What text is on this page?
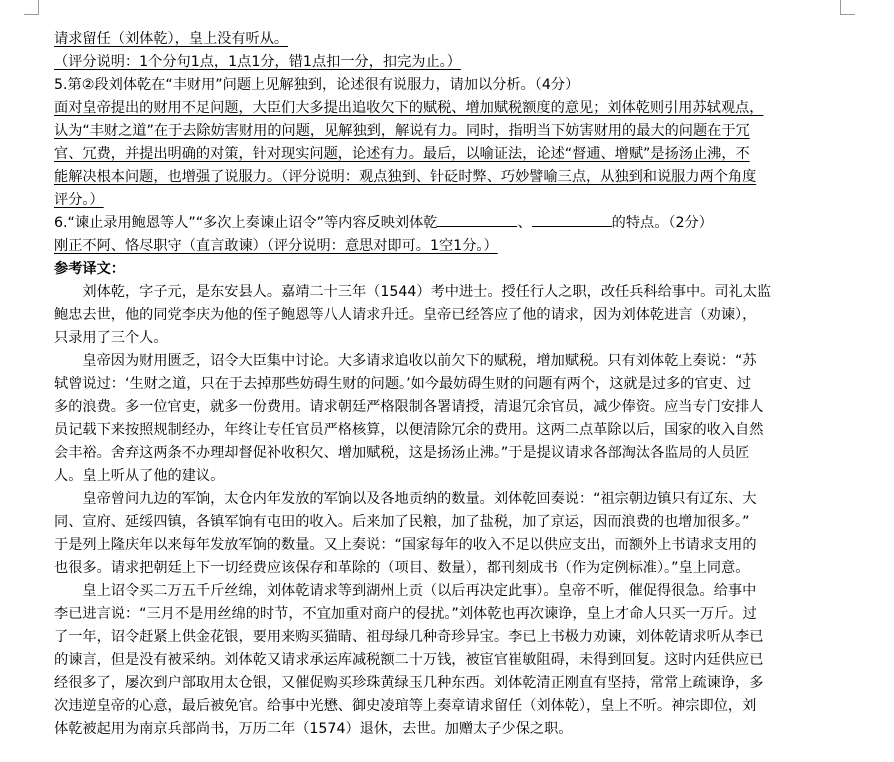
请求留任（刘体乾），皇上没有听从。
（评分说明：1个分句1点，1点1分，错1点扣一分，扣完为止。）
5.第②段刘体乾在“丰财用”问题上见解独到，论述很有说服力，请加以分析。（4分）
面对皇帝提出的财用不足问题，大臣们大多提出追收欠下的赋税、增加赋税额度的意见；刘体乾则引用苏轼观点，
认为“丰财之道”在于去除妨害财用的问题，见解独到，解说有力。同时，指明当下妨害财用的最大的问题在于冗
官、冗费，并提出明确的对策，针对现实问题，论述有力。最后，以喻证法，论述“督逋、增赋”是扬汤止沸，不
能解决根本问题，也增强了说服力。（评分说明：观点独到、针砭时弊、巧妙譬喻三点，从独到和说服力两个角度
评分。）
6.“谏止录用鲍恩等人”“多次上奏谏止诏令”等内容反映刘体乾	、	的特点。（2分）
刚正不阿、恪尽职守（直言敢谏）（评分说明：意思对即可。1空1分。）
参考译文：
　　刘体乾，字子元，是东安县人。嘉靖二十三年（1544）考中进士。授任行人之职，改任兵科给事中。司礼太监
鲍忠去世，他的同党李庆为他的侄子鲍恩等八人请求升迁。皇帝已经答应了他的请求，因为刘体乾进言（劝谏），
只录用了三个人。
　　皇帝因为财用匮乏，诏令大臣集中讨论。大多请求追收以前欠下的赋税，增加赋税。只有刘体乾上奏说：“苏
轼曾说过：‘生财之道，只在于去掉那些妨碍生财的问题。’如今最妨碍生财的问题有两个，这就是过多的官吏、过
多的浪费。多一位官吏，就多一份费用。请求朝廷严格限制各署请授，清退冗余官员，减少俸资。应当专门安排人
员记载下来按照规制经办，年终让专任官员严格核算，以便清除冗余的费用。这两二点革除以后，国家的收入自然
会丰裕。舍弃这两条不办理却督促补收积欠、增加赋税，这是扬汤止沸。”于是提议请求各部淘汰各监局的人员匠
人。皇上听从了他的建议。
　　皇帝曾问九边的军饷，太仓内年发放的军饷以及各地贡纳的数量。刘体乾回奏说：“祖宗朝边镇只有辽东、大
同、宣府、延绥四镇，各镇军饷有屯田的收入。后来加了民粮，加了盐税，加了京运，因而浪费的也增加很多。”
于是列上隆庆年以来每年发放军饷的数量。又上奏说：“国家每年的收入不足以供应支出，而额外上书请求支用的
也很多。请求把朝廷上下一切经费应该保存和革除的（项目、数量），都刊刻成书（作为定例标准）。”皇上同意。
　　皇上诏令买二万五千斤丝绵，刘体乾请求等到湖州上贡（以后再决定此事）。皇帝不听，催促得很急。给事中
李已进言说：“三月不是用丝绵的时节，不宜加重对商户的侵扰。”刘体乾也再次谏诤，皇上才命人只买一万斤。过
了一年，诏令赶紧上供金花银，要用来购买猫睛、祖母绿几种奇珍异宝。李已上书极力劝谏，刘体乾请求听从李已
的谏言，但是没有被采纳。刘体乾又请求承运库减税额二十万钱，被宦官崔敏阻碍，未得到回复。这时内廷供应已
经很多了，屡次到户部取用太仓银，又催促购买珍珠黄绿玉几种东西。刘体乾清正刚直有坚持，常常上疏谏诤，多
次违逆皇帝的心意，最后被免官。给事中光懋、御史凌琯等上奏章请求留任（刘体乾），皇上不听。神宗即位，刘
体乾被起用为南京兵部尚书，万历二年（1574）退休，去世。加赠太子少保之职。
